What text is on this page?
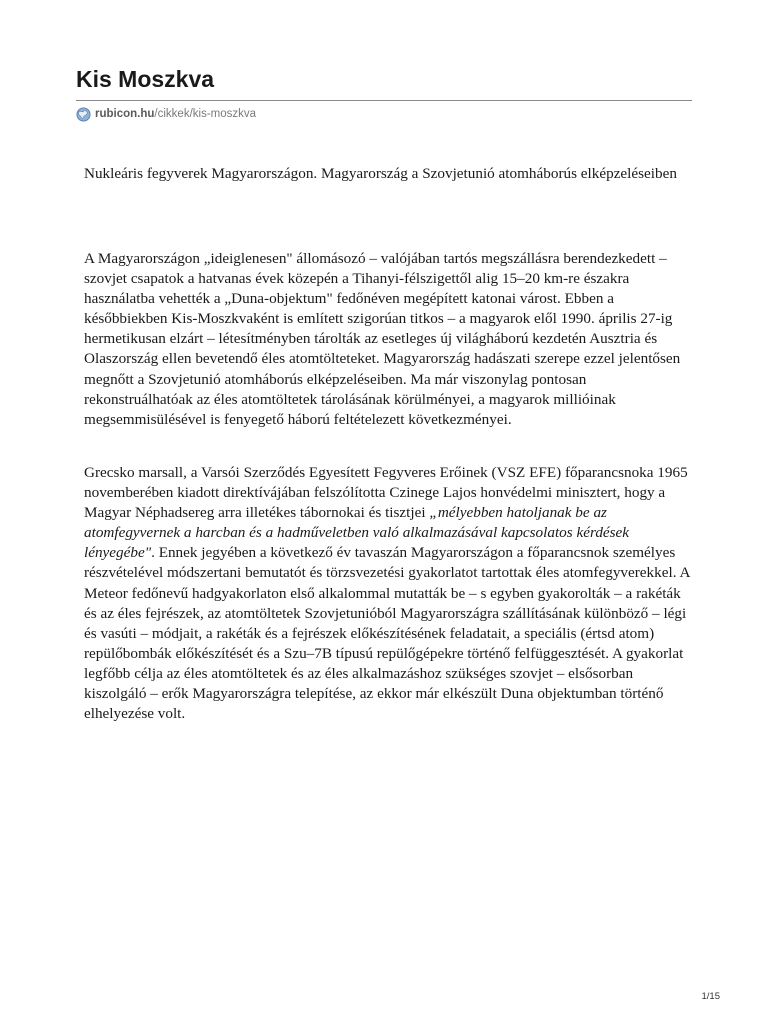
Kis Moszkva
rubicon.hu /cikkek/kis-moszkva

Nukleáris fegyverek Magyarországon. Magyarország a Szovjetunió atomháborús elképzeléseiben

A Magyarországon „ideiglenesen" állomásozó – valójában tartós megszállásra berendezkedett – szovjet csapatok a hatvanas évek közepén a Tihanyi-félszigettől alig 15–20 km-re északra használatba vehették a „Duna-objektum" fedőnéven megépített katonai várost. Ebben a későbbiekben Kis-Moszkvaként is említett szigorúan titkos – a magyarok elől 1990. április 27-ig hermetikusan elzárt – létesítményben tárolták az esetleges új világháború kezdetén Ausztria és Olaszország ellen bevetendő éles atomtölteteket. Magyarország hadászati szerepe ezzel jelentősen megnőtt a Szovjetunió atomháborús elképzeléseiben. Ma már viszonylag pontosan rekonstruálhatóak az éles atomtöltetek tárolásának körülményei, a magyarok millióinak megsemmisülésével is fenyegető háború feltételezett következményei.

Grecsko marsall, a Varsói Szerződés Egyesített Fegyveres Erőinek (VSZ EFE) főparancsnoka 1965 novemberében kiadott direktívájában felszólította Czinege Lajos honvédelmi minisztert, hogy a Magyar Néphadsereg arra illetékes tábornokai és tisztjei „mélyebben hatoljanak be az atomfegyvernek a harcban és a hadműveletben való alkalmazásával kapcsolatos kérdések lényegébe". Ennek jegyében a következő év tavaszán Magyarországon a főparancsnok személyes részvételével módszertani bemutatót és törzsvezetési gyakorlatot tartottak éles atomfegyverekkel. A Meteor fedőnevű hadgyakorlaton első alkalommal mutatták be – s egyben gyakorolták – a rakéták és az éles fejrészek, az atomtöltetek Szovjetunióból Magyarországra szállításának különböző – légi és vasúti – módjait, a rakéták és a fejrészek előkészítésének feladatait, a speciális (értsd atom) repülőbombák előkészítését és a Szu–7B típusú repülőgépekre történő felfüggesztését. A gyakorlat legfőbb célja az éles atomtöltetek és az éles alkalmazáshoz szükséges szovjet – elsősorban kiszolgáló – erők Magyarországra telepítése, az ekkor már elkészült Duna objektumban történő elhelyezése volt.

1/15
